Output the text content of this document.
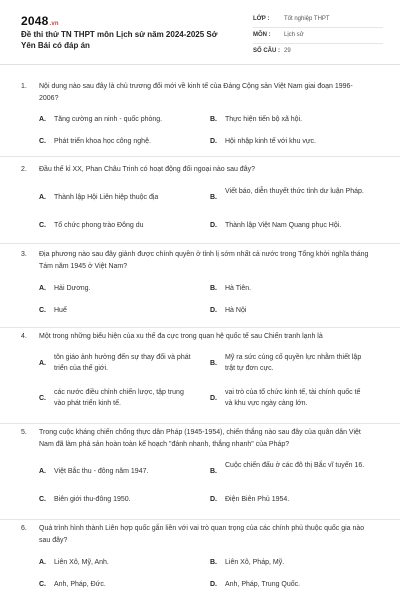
2048.vn
Đề thi thử TN THPT môn Lịch sử năm 2024-2025 Sở Yên Bái có đáp án
LỚP : Tốt nghiệp THPT
MÔN : Lịch sử
SỐ CÂU : 29
1. Nội dung nào sau đây là chủ trương đổi mới về kinh tế của Đảng Cộng sản Việt Nam giai đoạn 1996-2006?
A. Tăng cường an ninh - quốc phòng.	B. Thực hiện tiến bộ xã hội.
C. Phát triển khoa học công nghệ.	D. Hội nhập kinh tế với khu vực.
2. Đầu thế kỉ XX, Phan Châu Trinh có hoạt động đối ngoại nào sau đây?
A. Thành lập Hội Liên hiệp thuộc địa	B.
Viết báo, diễn thuyết thức tỉnh dư luận Pháp.
C. Tổ chức phong trào Đông du	D. Thành lập Việt Nam Quang phục Hội.
3. Địa phương nào sau đây giành được chính quyền ở tỉnh lị sớm nhất cả nước trong Tổng khởi nghĩa tháng Tám năm 1945 ở Việt Nam?
A. Hải Dương.	B. Hà Tiên.
C. Huế	D. Hà Nội
4. Một trong những biểu hiện của xu thế đa cực trong quan hệ quốc tế sau Chiến tranh lạnh là
A.
tôn giáo ảnh hưởng đến sự thay đổi và phát triển của thế giới.
B.
Mỹ ra sức củng cố quyền lực nhằm thiết lập trật tự đơn cực.
C.
các nước điều chỉnh chiến lược, tập trung vào phát triển kinh tế.
D.
vai trò của tổ chức kinh tế, tài chính quốc tế và khu vực ngày càng lớn.
5. Trong cuộc kháng chiến chống thực dân Pháp (1945-1954), chiến thắng nào sau đây của quân dân Việt Nam đã làm phá sản hoàn toàn kế hoạch "đánh nhanh, thắng nhanh" của Pháp?
A. Việt Bắc thu - đông năm 1947.	B.
Cuộc chiến đấu ở các đô thị Bắc vĩ tuyến 16.
C. Biên giới thu-đông 1950.	D. Điện Biên Phủ 1954.
6. Quá trình hình thành Liên hợp quốc gắn liền với vai trò quan trọng của các chính phủ thuộc quốc gia nào sau đây?
A. Liên Xô, Mỹ, Anh.	B. Liên Xô, Pháp, Mỹ.
C. Anh, Pháp, Đức.	D. Anh, Pháp, Trung Quốc.
